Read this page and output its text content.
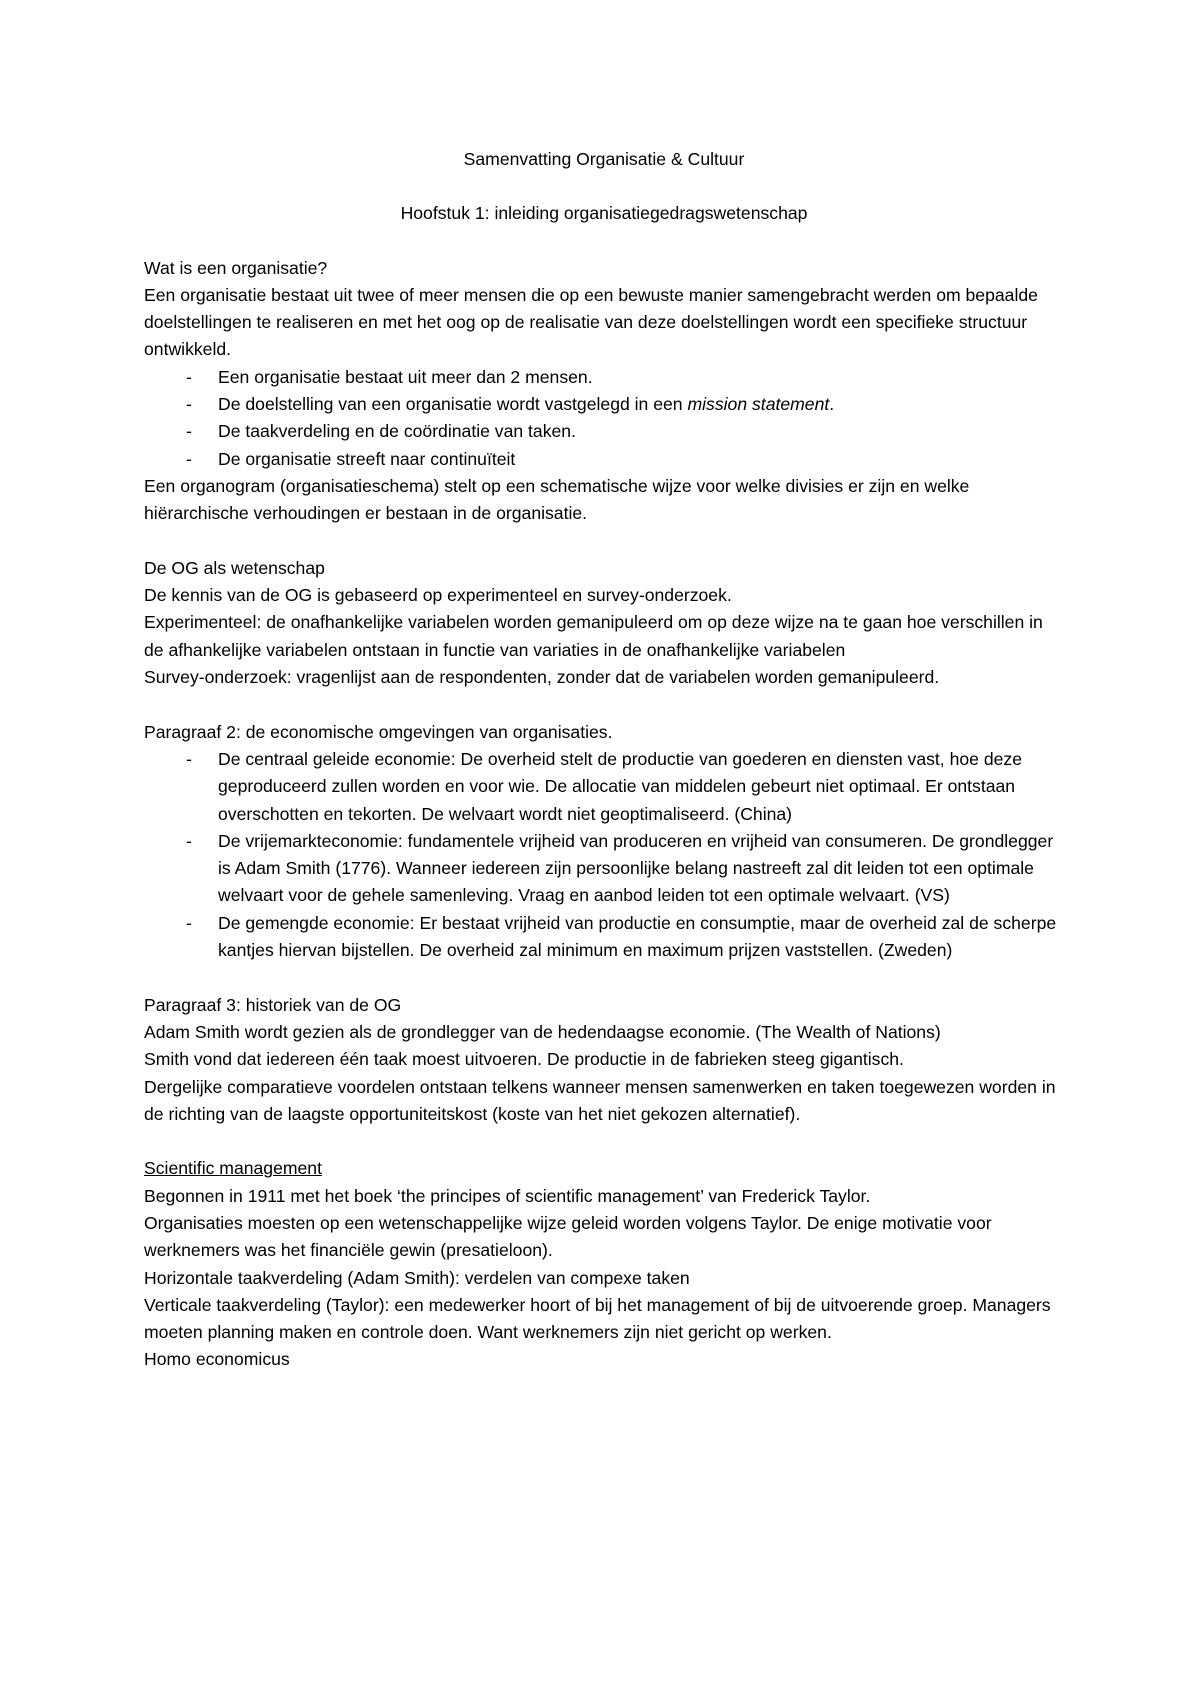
Samenvatting Organisatie & Cultuur

Hoofstuk 1: inleiding organisatiegedragswetenschap

Wat is een organisatie?

Een organisatie bestaat uit twee of meer mensen die op een bewuste manier samengebracht werden om bepaalde doelstellingen te realiseren en met het oog op de realisatie van deze doelstellingen wordt een specifieke structuur ontwikkeld.

- Een organisatie bestaat uit meer dan 2 mensen.
- De doelstelling van een organisatie wordt vastgelegd in een mission statement.
- De taakverdeling en de coördinatie van taken.
- De organisatie streeft naar continuïteit

Een organogram (organisatieschema) stelt op een schematische wijze voor welke divisies er zijn en welke hiërarchische verhoudingen er bestaan in de organisatie.

De OG als wetenschap

De kennis van de OG is gebaseerd op experimenteel en survey-onderzoek.

Experimenteel: de onafhankelijke variabelen worden gemanipuleerd om op deze wijze na te gaan hoe verschillen in de afhankelijke variabelen ontstaan in functie van variaties in de onafhankelijke variabelen

Survey-onderzoek: vragenlijst aan de respondenten, zonder dat de variabelen worden gemanipuleerd.

Paragraaf 2: de economische omgevingen van organisaties.

- De centraal geleide economie: De overheid stelt de productie van goederen en diensten vast, hoe deze geproduceerd zullen worden en voor wie. De allocatie van middelen gebeurt niet optimaal. Er ontstaan overschotten en tekorten. De welvaart wordt niet geoptimaliseerd. (China)
- De vrijemarkteconomie: fundamentele vrijheid van produceren en vrijheid van consumeren. De grondlegger is Adam Smith (1776). Wanneer iedereen zijn persoonlijke belang nastreeft zal dit leiden tot een optimale welvaart voor de gehele samenleving. Vraag en aanbod leiden tot een optimale welvaart. (VS)
- De gemengde economie: Er bestaat vrijheid van productie en consumptie, maar de overheid zal de scherpe kantjes hiervan bijstellen. De overheid zal minimum en maximum prijzen vaststellen. (Zweden)

Paragraaf 3: historiek van de OG

Adam Smith wordt gezien als de grondlegger van de hedendaagse economie. (The Wealth of Nations)

Smith vond dat iedereen één taak moest uitvoeren. De productie in de fabrieken steeg gigantisch.

Dergelijke comparatieve voordelen ontstaan telkens wanneer mensen samenwerken en taken toegewezen worden in de richting van de laagste opportuniteitskost (koste van het niet gekozen alternatief).

Scientific management

Begonnen in 1911 met het boek ‘the principes of scientific management’ van Frederick Taylor.

Organisaties moesten op een wetenschappelijke wijze geleid worden volgens Taylor. De enige motivatie voor werknemers was het financiële gewin (presatieloon).

Horizontale taakverdeling (Adam Smith): verdelen van compexe taken

Verticale taakverdeling (Taylor): een medewerker hoort of bij het management of bij de uitvoerende groep. Managers moeten planning maken en controle doen. Want werknemers zijn niet gericht op werken.

Homo economicus
